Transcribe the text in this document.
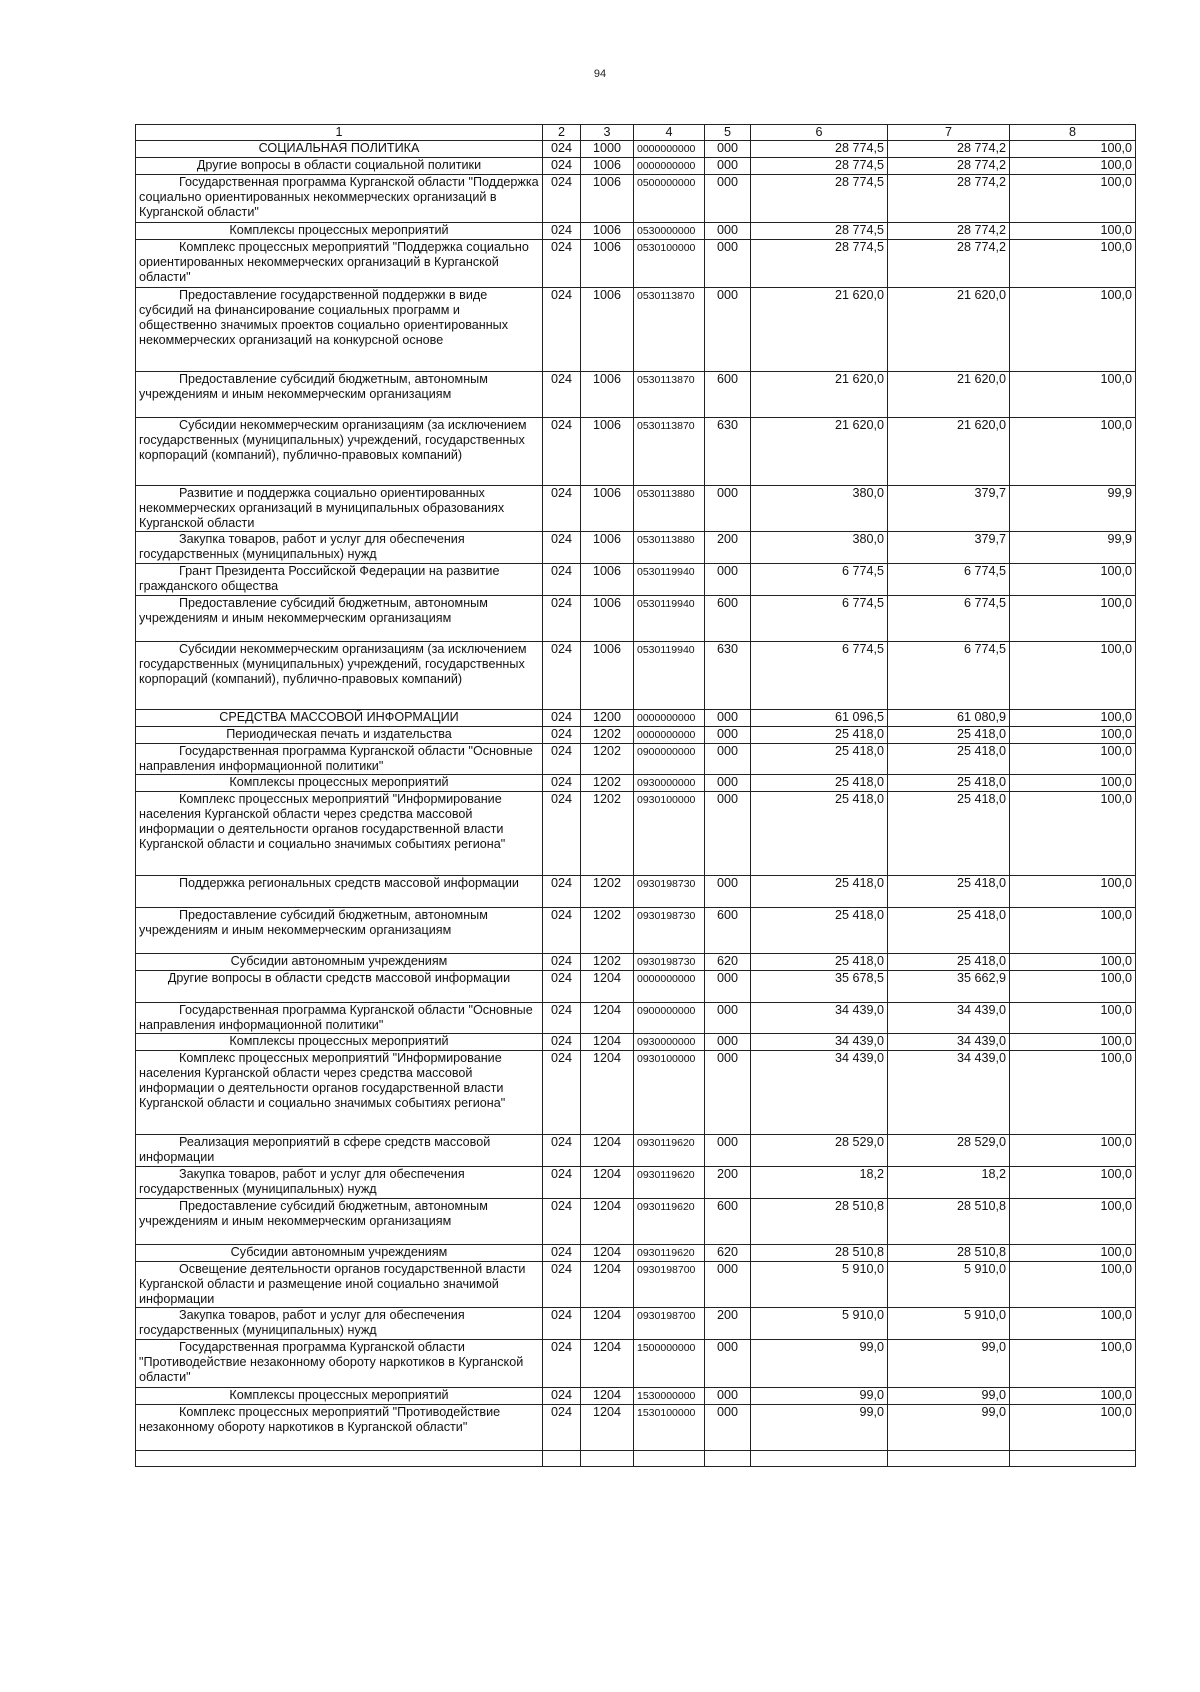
94
1	2	3	4	5	6	7	8
СОЦИАЛЬНАЯ ПОЛИТИКА	024	1000	0000000000	000	28 774,5	28 774,2	100,0
Другие вопросы в области социальной политики	024	1006	0000000000	000	28 774,5	28 774,2	100,0
Государственная программа Курганской области "Поддержка социально ориентированных некоммерческих организаций в Курганской области"	024	1006	0500000000	000	28 774,5	28 774,2	100,0
Комплексы процессных мероприятий	024	1006	0530000000	000	28 774,5	28 774,2	100,0
Комплекс процессных мероприятий "Поддержка социально ориентированных некоммерческих организаций в Курганской области"	024	1006	0530100000	000	28 774,5	28 774,2	100,0
Предоставление государственной поддержки в виде субсидий на финансирование социальных программ и общественно значимых проектов социально ориентированных некоммерческих организаций на конкурсной основе	024	1006	0530113870	000	21 620,0	21 620,0	100,0
Предоставление субсидий бюджетным, автономным учреждениям и иным некоммерческим организациям	024	1006	0530113870	600	21 620,0	21 620,0	100,0
Субсидии некоммерческим организациям (за исключением государственных (муниципальных) учреждений, государственных корпораций (компаний), публично-правовых компаний)	024	1006	0530113870	630	21 620,0	21 620,0	100,0
Развитие и поддержка социально ориентированных некоммерческих организаций в муниципальных образованиях Курганской области	024	1006	0530113880	000	380,0	379,7	99,9
Закупка товаров, работ и услуг для обеспечения государственных (муниципальных) нужд	024	1006	0530113880	200	380,0	379,7	99,9
Грант Президента Российской Федерации на развитие гражданского общества	024	1006	0530119940	000	6 774,5	6 774,5	100,0
Предоставление субсидий бюджетным, автономным учреждениям и иным некоммерческим организациям	024	1006	0530119940	600	6 774,5	6 774,5	100,0
Субсидии некоммерческим организациям (за исключением государственных (муниципальных) учреждений, государственных корпораций (компаний), публично-правовых компаний)	024	1006	0530119940	630	6 774,5	6 774,5	100,0
СРЕДСТВА МАССОВОЙ ИНФОРМАЦИИ	024	1200	0000000000	000	61 096,5	61 080,9	100,0
Периодическая печать и издательства	024	1202	0000000000	000	25 418,0	25 418,0	100,0
Государственная программа Курганской области "Основные направления информационной политики"	024	1202	0900000000	000	25 418,0	25 418,0	100,0
Комплексы процессных мероприятий	024	1202	0930000000	000	25 418,0	25 418,0	100,0
Комплекс процессных мероприятий "Информирование населения Курганской области через средства массовой информации о деятельности органов государственной власти Курганской области и социально значимых событиях региона"	024	1202	0930100000	000	25 418,0	25 418,0	100,0
Поддержка региональных средств массовой информации	024	1202	0930198730	000	25 418,0	25 418,0	100,0
Предоставление субсидий бюджетным, автономным учреждениям и иным некоммерческим организациям	024	1202	0930198730	600	25 418,0	25 418,0	100,0
Субсидии автономным учреждениям	024	1202	0930198730	620	25 418,0	25 418,0	100,0
Другие вопросы в области средств массовой информации	024	1204	0000000000	000	35 678,5	35 662,9	100,0
Государственная программа Курганской области "Основные направления информационной политики"	024	1204	0900000000	000	34 439,0	34 439,0	100,0
Комплексы процессных мероприятий	024	1204	0930000000	000	34 439,0	34 439,0	100,0
Комплекс процессных мероприятий "Информирование населения Курганской области через средства массовой информации о деятельности органов государственной власти Курганской области и социально значимых событиях региона"	024	1204	0930100000	000	34 439,0	34 439,0	100,0
Реализация мероприятий в сфере средств массовой информации	024	1204	0930119620	000	28 529,0	28 529,0	100,0
Закупка товаров, работ и услуг для обеспечения государственных (муниципальных) нужд	024	1204	0930119620	200	18,2	18,2	100,0
Предоставление субсидий бюджетным, автономным учреждениям и иным некоммерческим организациям	024	1204	0930119620	600	28 510,8	28 510,8	100,0
Субсидии автономным учреждениям	024	1204	0930119620	620	28 510,8	28 510,8	100,0
Освещение деятельности органов государственной власти Курганской области и размещение иной социально значимой информации	024	1204	0930198700	000	5 910,0	5 910,0	100,0
Закупка товаров, работ и услуг для обеспечения государственных (муниципальных) нужд	024	1204	0930198700	200	5 910,0	5 910,0	100,0
Государственная программа Курганской области "Противодействие незаконному обороту наркотиков в Курганской области"	024	1204	1500000000	000	99,0	99,0	100,0
Комплексы процессных мероприятий	024	1204	1530000000	000	99,0	99,0	100,0
Комплекс процессных мероприятий "Противодействие незаконному обороту наркотиков в Курганской области"	024	1204	1530100000	000	99,0	99,0	100,0
